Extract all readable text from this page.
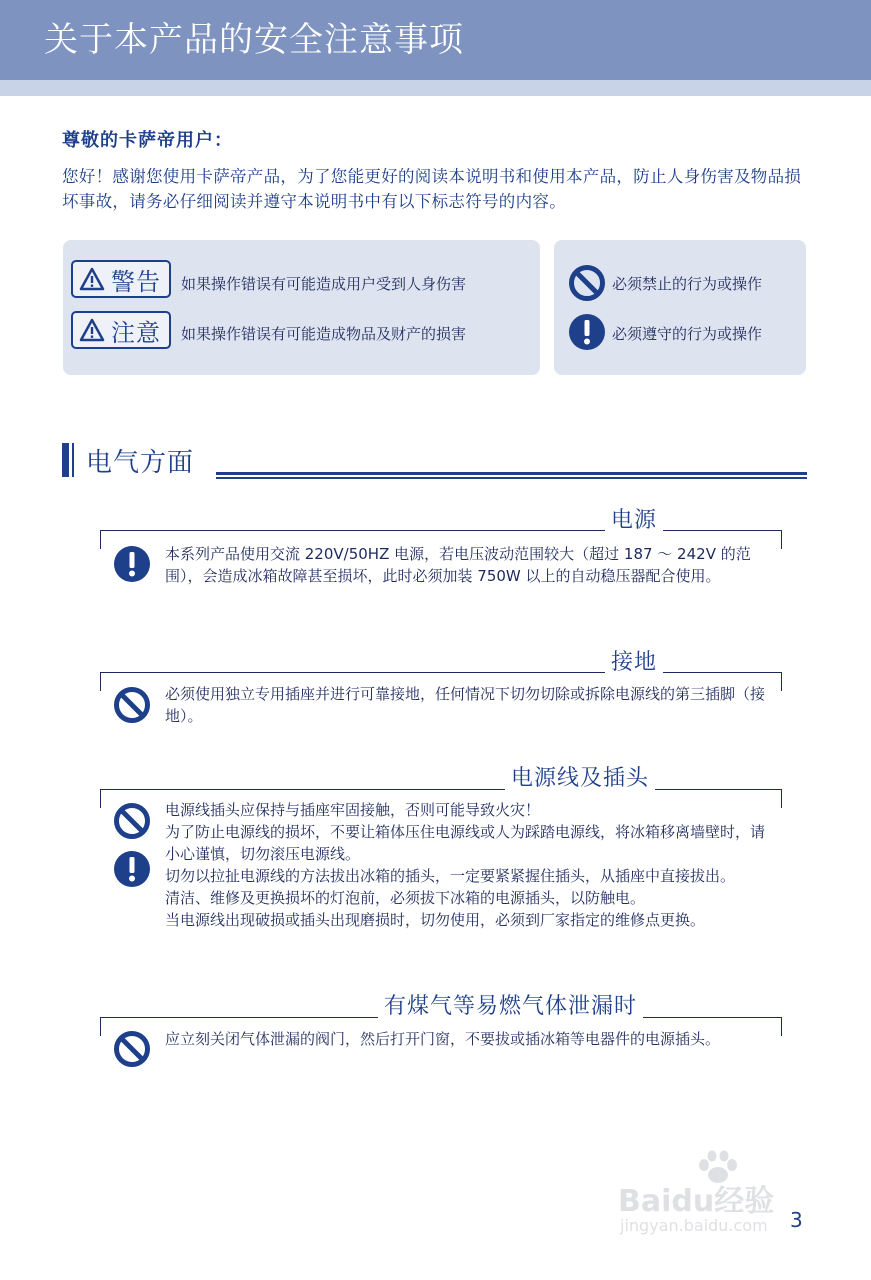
关于本产品的安全注意事项
尊敬的卡萨帝用户：
您好！感谢您使用卡萨帝产品，为了您能更好的阅读本说明书和使用本产品，防止人身伤害及物品损坏事故，请务必仔细阅读并遵守本说明书中有以下标志符号的内容。
警告 如果操作错误有可能造成用户受到人身伤害
注意 如果操作错误有可能造成物品及财产的损害
必须禁止的行为或操作
必须遵守的行为或操作
电气方面
电源
本系列产品使用交流 220V/50HZ 电源，若电压波动范围较大（超过 187 ～ 242V 的范围），会造成冰箱故障甚至损坏，此时必须加装 750W 以上的自动稳压器配合使用。
接地
必须使用独立专用插座并进行可靠接地，任何情况下切勿切除或拆除电源线的第三插脚（接地）。
电源线及插头

电源线插头应保持与插座牢固接触，否则可能导致火灾！

为了防止电源线的损坏，不要让箱体压住电源线或人为踩踏电源线，将冰箱移离墙壁时，请小心谨慎，切勿滚压电源线。

切勿以拉扯电源线的方法拔出冰箱的插头，一定要紧紧握住插头，从插座中直接拔出。

清洁、维修及更换损坏的灯泡前，必须拔下冰箱的电源插头，以防触电。

当电源线出现破损或插头出现磨损时，切勿使用，必须到厂家指定的维修点更换。

有煤气等易燃气体泄漏时
应立刻关闭气体泄漏的阀门，然后打开门窗，不要拔或插冰箱等电器件的电源插头。
Baidu经验
jingyan.baidu.com 3
